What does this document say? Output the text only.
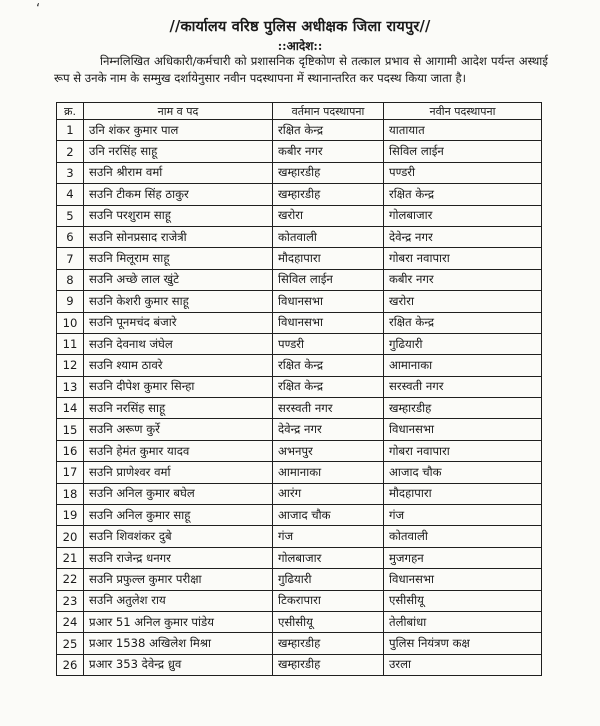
‘
//कार्यालय वरिष्ठ पुलिस अधीक्षक जिला रायपुर//
::आदेश::
निम्नलिखित अधिकारी/कर्मचारी को प्रशासनिक दृष्टिकोण से तत्काल प्रभाव से आगामी आदेश पर्यन्त अस्थाई रूप से उनके नाम के सम्मुख दर्शायेनुसार नवीन पदस्थापना में स्थानान्तरित कर पदस्थ किया जाता है।
क्र.	नाम व पद	वर्तमान पदस्थापना	नवीन पदस्थापना
1	उनि शंकर कुमार पाल	रक्षित केन्द्र	यातायात
2	उनि नरसिंह साहू	कबीर नगर	सिविल लाईन
3	सउनि श्रीराम वर्मा	खम्हारडीह	पण्डरी
4	सउनि टीकम सिंह ठाकुर	खम्हारडीह	रक्षित केन्द्र
5	सउनि परशुराम साहू	खरोरा	गोलबाजार
6	सउनि सोनप्रसाद राजेत्री	कोतवाली	देवेन्द्र नगर
7	सउनि मिलूराम साहू	मौदहापारा	गोबरा नवापारा
8	सउनि अच्छे लाल खुंटे	सिविल लाईन	कबीर नगर
9	सउनि केशरी कुमार साहू	विधानसभा	खरोरा
10	सउनि पूनमचंद बंजारे	विधानसभा	रक्षित केन्द्र
11	सउनि देवनाथ जंघेल	पण्डरी	गुढियारी
12	सउनि श्याम ठावरे	रक्षित केन्द्र	आमानाका
13	सउनि दीपेश कुमार सिन्हा	रक्षित केन्द्र	सरस्वती नगर
14	सउनि नरसिंह साहू	सरस्वती नगर	खम्हारडीह
15	सउनि अरूण कुर्रे	देवेन्द्र नगर	विधानसभा
16	सउनि हेमंत कुमार यादव	अभनपुर	गोबरा नवापारा
17	सउनि प्राणेश्वर वर्मा	आमानाका	आजाद चौक
18	सउनि अनिल कुमार बघेल	आरंग	मौदहापारा
19	सउनि अनिल कुमार साहू	आजाद चौक	गंज
20	सउनि शिवशंकर दुबे	गंज	कोतवाली
21	सउनि राजेन्द्र धनगर	गोलबाजार	मुजगहन
22	सउनि प्रफुल्ल कुमार परीक्षा	गुढियारी	विधानसभा
23	सउनि अतुलेश राय	टिकरापारा	एसीसीयू
24	प्रआर 51 अनिल कुमार पांडेय	एसीसीयू	तेलीबांधा
25	प्रआर 1538 अखिलेश मिश्रा	खम्हारडीह	पुलिस नियंत्रण कक्ष
26	प्रआर 353 देवेन्द्र ध्रुव	खम्हारडीह	उरला
